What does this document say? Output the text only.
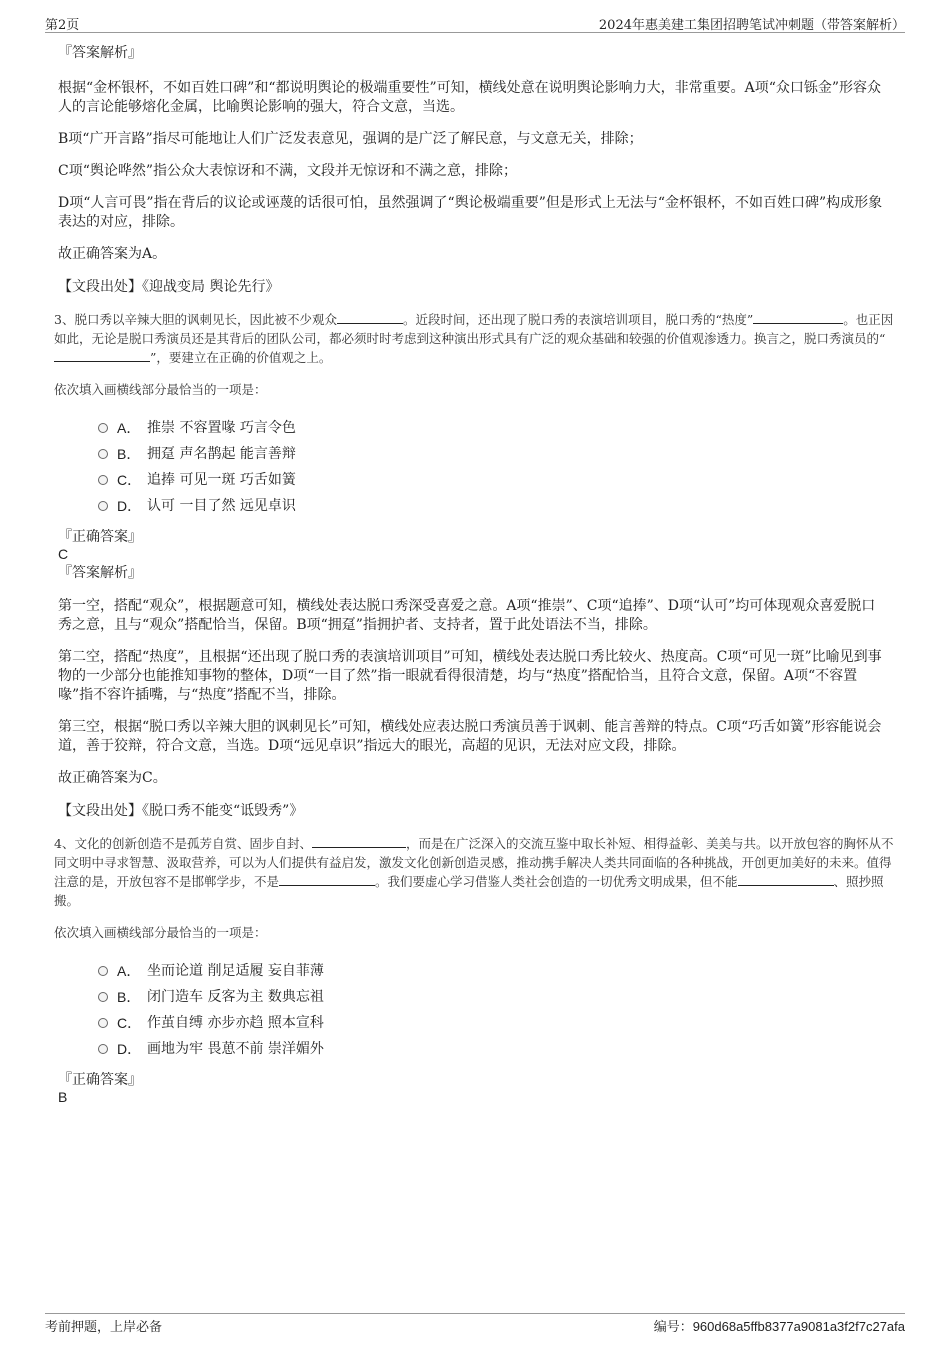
第2页	2024年惠美建工集团招聘笔试冲刺题（带答案解析）
『答案解析』

根据“金杯银杯，不如百姓口碑”和“都说明舆论的极端重要性”可知，横线处意在说明舆论影响力大，非常重要。A项“众口铄金”形容众人的言论能够熔化金属，比喻舆论影响的强大，符合文意，当选。

B项“广开言路”指尽可能地让人们广泛发表意见，强调的是广泛了解民意，与文意无关，排除；

C项“舆论哗然”指公众大表惊讶和不满，文段并无惊讶和不满之意，排除；

D项“人言可畏”指在背后的议论或诬蔑的话很可怕，虽然强调了“舆论极端重要”但是形式上无法与“金杯银杯，不如百姓口碑”构成形象表达的对应，排除。

故正确答案为A。

【文段出处】《迎战变局 舆论先行》

3、脱口秀以辛辣大胆的讽刺见长，因此被不少观众	。近段时间，还出现了脱口秀的表演培训项目，脱口秀的“热度”	。也正因如此，无论是脱口秀演员还是其背后的团队公司，都必须时时考虑到这种演出形式具有广泛的观众基础和较强的价值观渗透力。换言之，脱口秀演员的“”，要建立在正确的价值观之上。

依次填入画横线部分最恰当的一项是：

A． 推崇 不容置喙 巧言令色
B． 拥趸 声名鹊起 能言善辩
C． 追捧 可见一斑 巧舌如簧
D． 认可 一目了然 远见卓识
『正确答案』
C
『答案解析』

第一空，搭配“观众”，根据题意可知，横线处表达脱口秀深受喜爱之意。A项“推崇”、C项“追捧”、D项“认可”均可体现观众喜爱脱口秀之意，且与“观众”搭配恰当，保留。B项“拥趸”指拥护者、支持者，置于此处语法不当，排除。

第二空，搭配“热度”，且根据“还出现了脱口秀的表演培训项目”可知，横线处表达脱口秀比较火、热度高。C项“可见一斑”比喻见到事物的一少部分也能推知事物的整体，D项“一目了然”指一眼就看得很清楚，均与“热度”搭配恰当，且符合文意，保留。A项“不容置喙”指不容许插嘴，与“热度”搭配不当，排除。

第三空，根据“脱口秀以辛辣大胆的讽刺见长”可知，横线处应表达脱口秀演员善于讽刺、能言善辩的特点。C项“巧舌如簧”形容能说会道，善于狡辩，符合文意，当选。D项“远见卓识”指远大的眼光，高超的见识，无法对应文段，排除。

故正确答案为C。

【文段出处】《脱口秀不能变“诋毁秀”》

4、文化的创新创造不是孤芳自赏、固步自封、	，而是在广泛深入的交流互鉴中取长补短、相得益彰、美美与共。以开放包容的胸怀从不同文明中寻求智慧、汲取营养，可以为人们提供有益启发，激发文化创新创造灵感，推动携手解决人类共同面临的各种挑战，开创更加美好的未来。值得注意的是，开放包容不是邯郸学步，不是	。我们要虚心学习借鉴人类社会创造的一切优秀文明成果，但不能	、照抄照搬。

依次填入画横线部分最恰当的一项是：

A． 坐而论道 削足适履 妄自菲薄
B． 闭门造车 反客为主 数典忘祖
C． 作茧自缚 亦步亦趋 照本宣科
D． 画地为牢 畏葸不前 崇洋媚外
『正确答案』
B
考前押题，上岸必备	编号：960d68a5ffb8377a9081a3f2f7c27afa
